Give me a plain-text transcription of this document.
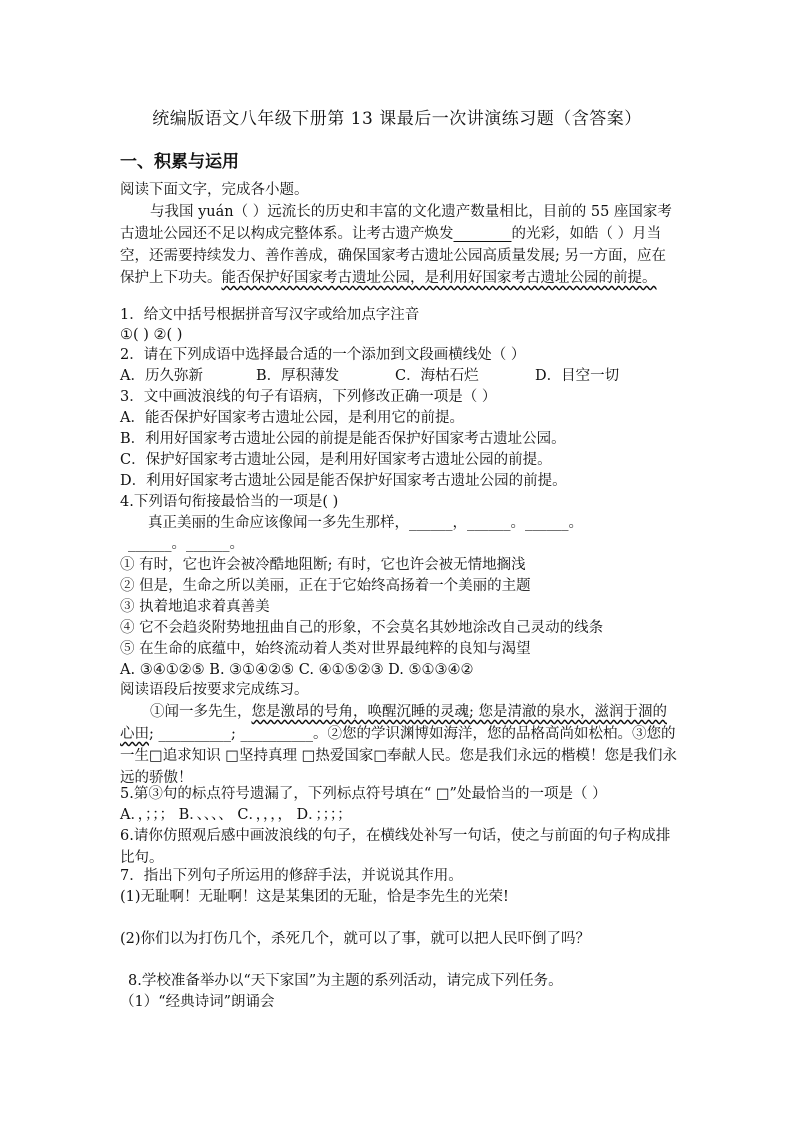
统编版语文八年级下册第 13 课最后一次讲演练习题（含答案）
一、积累与运用
阅读下面文字，完成各小题。
与我国 yuán（ ）远流长的历史和丰富的文化遗产数量相比，目前的 55 座国家考古遗址公园还不足以构成完整体系。让考古遗产焕发________的光彩，如皓（ ）月当空，还需要持续发力、善作善成，确保国家考古遗址公园高质量发展; 另一方面，应在保护上下功夫。能否保护好国家考古遗址公园，是利用好国家考古遗址公园的前提。
1．给文中括号根据拼音写汉字或给加点字注音
①( ) ②( )
2．请在下列成语中选择最合适的一个添加到文段画横线处（ ）
A．历久弥新	B．厚积薄发	C．海枯石烂	D．目空一切
3．文中画波浪线的句子有语病，下列修改正确一项是（ ）
A．能否保护好国家考古遗址公园，是利用它的前提。
B．利用好国家考古遗址公园的前提是能否保护好国家考古遗址公园。
C．保护好国家考古遗址公园，是利用好国家考古遗址公园的前提。
D．利用好国家考古遗址公园是能否保护好国家考古遗址公园的前提。
4.下列语句衔接最恰当的一项是( )
真正美丽的生命应该像闻一多先生那样，______，______。______。
______。______。
① 有时，它也许会被冷酷地阻断; 有时，它也许会被无情地搁浅
② 但是，生命之所以美丽，正在于它始终高扬着一个美丽的主题
③ 执着地追求着真善美
④ 它不会趋炎附势地扭曲自己的形象，不会莫名其妙地涂改自己灵动的线条
⑤ 在生命的底蕴中，始终流动着人类对世界最纯粹的良知与渴望
A. ③④①②⑤ B. ③①④②⑤ C. ④①⑤②③ D. ⑤①③④②
阅读语段后按要求完成练习。
①闻一多先生，您是激昂的号角，唤醒沉睡的灵魂; 您是清澈的泉水，滋润于涸的心田; __________; __________。②您的学识渊博如海洋，您的品格高尚如松柏。③您的一生□追求知识 □坚持真理 □热爱国家□奉献人民。您是我们永远的楷模！您是我们永远的骄傲！
5.第③句的标点符号遗漏了，下列标点符号填在“ □”处最恰当的一项是（ ）
A．，；；； B．、、、、 C．，，，， D．；；；；
6.请你仿照观后感中画波浪线的句子，在横线处补写一句话，使之与前面的句子构成排比句。
7．指出下列句子所运用的修辞手法，并说说其作用。
(1)无耻啊！无耻啊！这是某集团的无耻，恰是李先生的光荣!
(2)你们以为打伤几个，杀死几个，就可以了事，就可以把人民吓倒了吗？
8.学校准备举办以“天下家国”为主题的系列活动，请完成下列任务。
（1）“经典诗词”朗诵会
